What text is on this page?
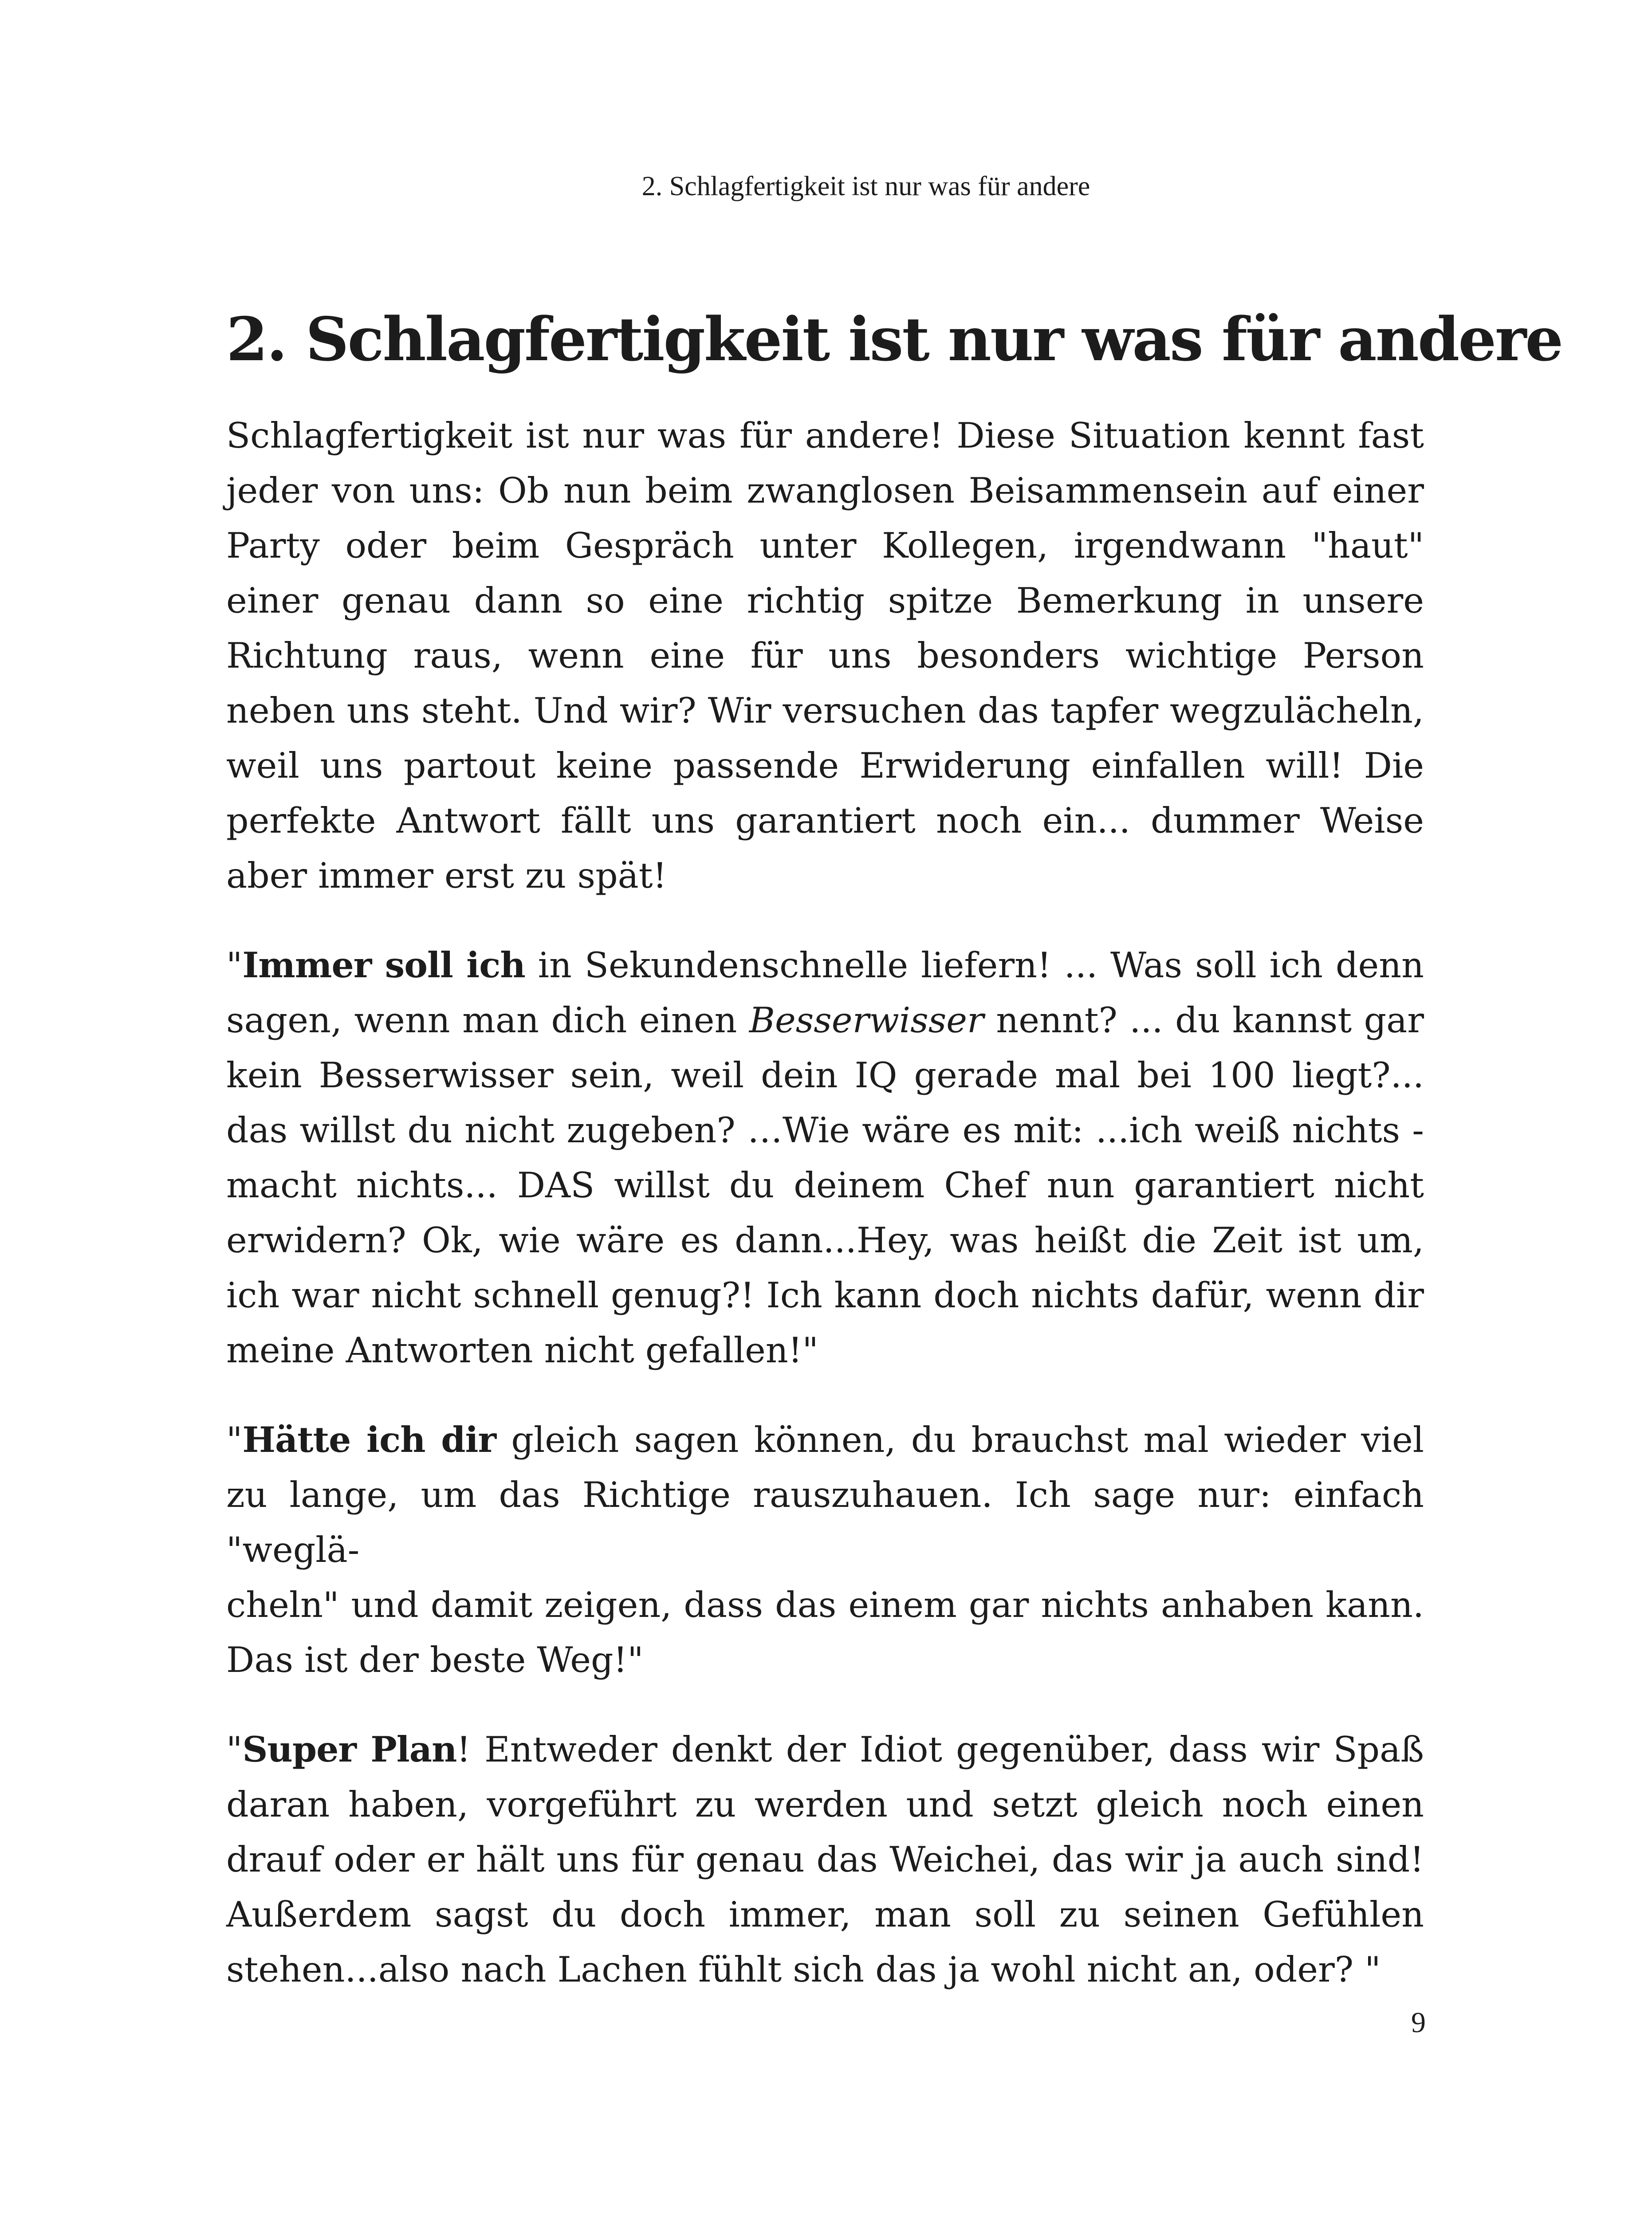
2. Schlagfertigkeit ist nur was für andere

2. Schlagfertigkeit ist nur was für andere

Schlagfertigkeit ist nur was für andere! Diese Situation kennt fast jeder von uns: Ob nun beim zwanglosen Beisammensein auf einer Party oder beim Gespräch unter Kollegen, irgendwann "haut" einer genau dann so eine richtig spitze Bemerkung in unsere Richtung raus, wenn eine für uns besonders wichtige Person neben uns steht. Und wir? Wir versuchen das tapfer wegzulächeln, weil uns partout keine passende Erwiderung einfallen will! Die perfekte Antwort fällt uns garantiert noch ein... dummer Weise aber immer erst zu spät!

"Immer soll ich in Sekundenschnelle liefern! ... Was soll ich denn sagen, wenn man dich einen Besserwisser nennt? ... du kannst gar kein Besserwisser sein, weil dein IQ gerade mal bei 100 liegt?... das willst du nicht zugeben? …Wie wäre es mit: ...ich weiß nichts - macht nichts... DAS willst du deinem Chef nun garantiert nicht erwidern? Ok, wie wäre es dann...Hey, was heißt die Zeit ist um, ich war nicht schnell genug?! Ich kann doch nichts dafür, wenn dir meine Antworten nicht gefallen!"

"Hätte ich dir gleich sagen können, du brauchst mal wieder viel zu lange, um das Richtige rauszuhauen. Ich sage nur: einfach "weglä-
cheln" und damit zeigen, dass das einem gar nichts anhaben kann. Das ist der beste Weg!"

"Super Plan! Entweder denkt der Idiot gegenüber, dass wir Spaß daran haben, vorgeführt zu werden und setzt gleich noch einen drauf oder er hält uns für genau das Weichei, das wir ja auch sind! Außerdem sagst du doch immer, man soll zu seinen Gefühlen stehen...also nach Lachen fühlt sich das ja wohl nicht an, oder? "

9
